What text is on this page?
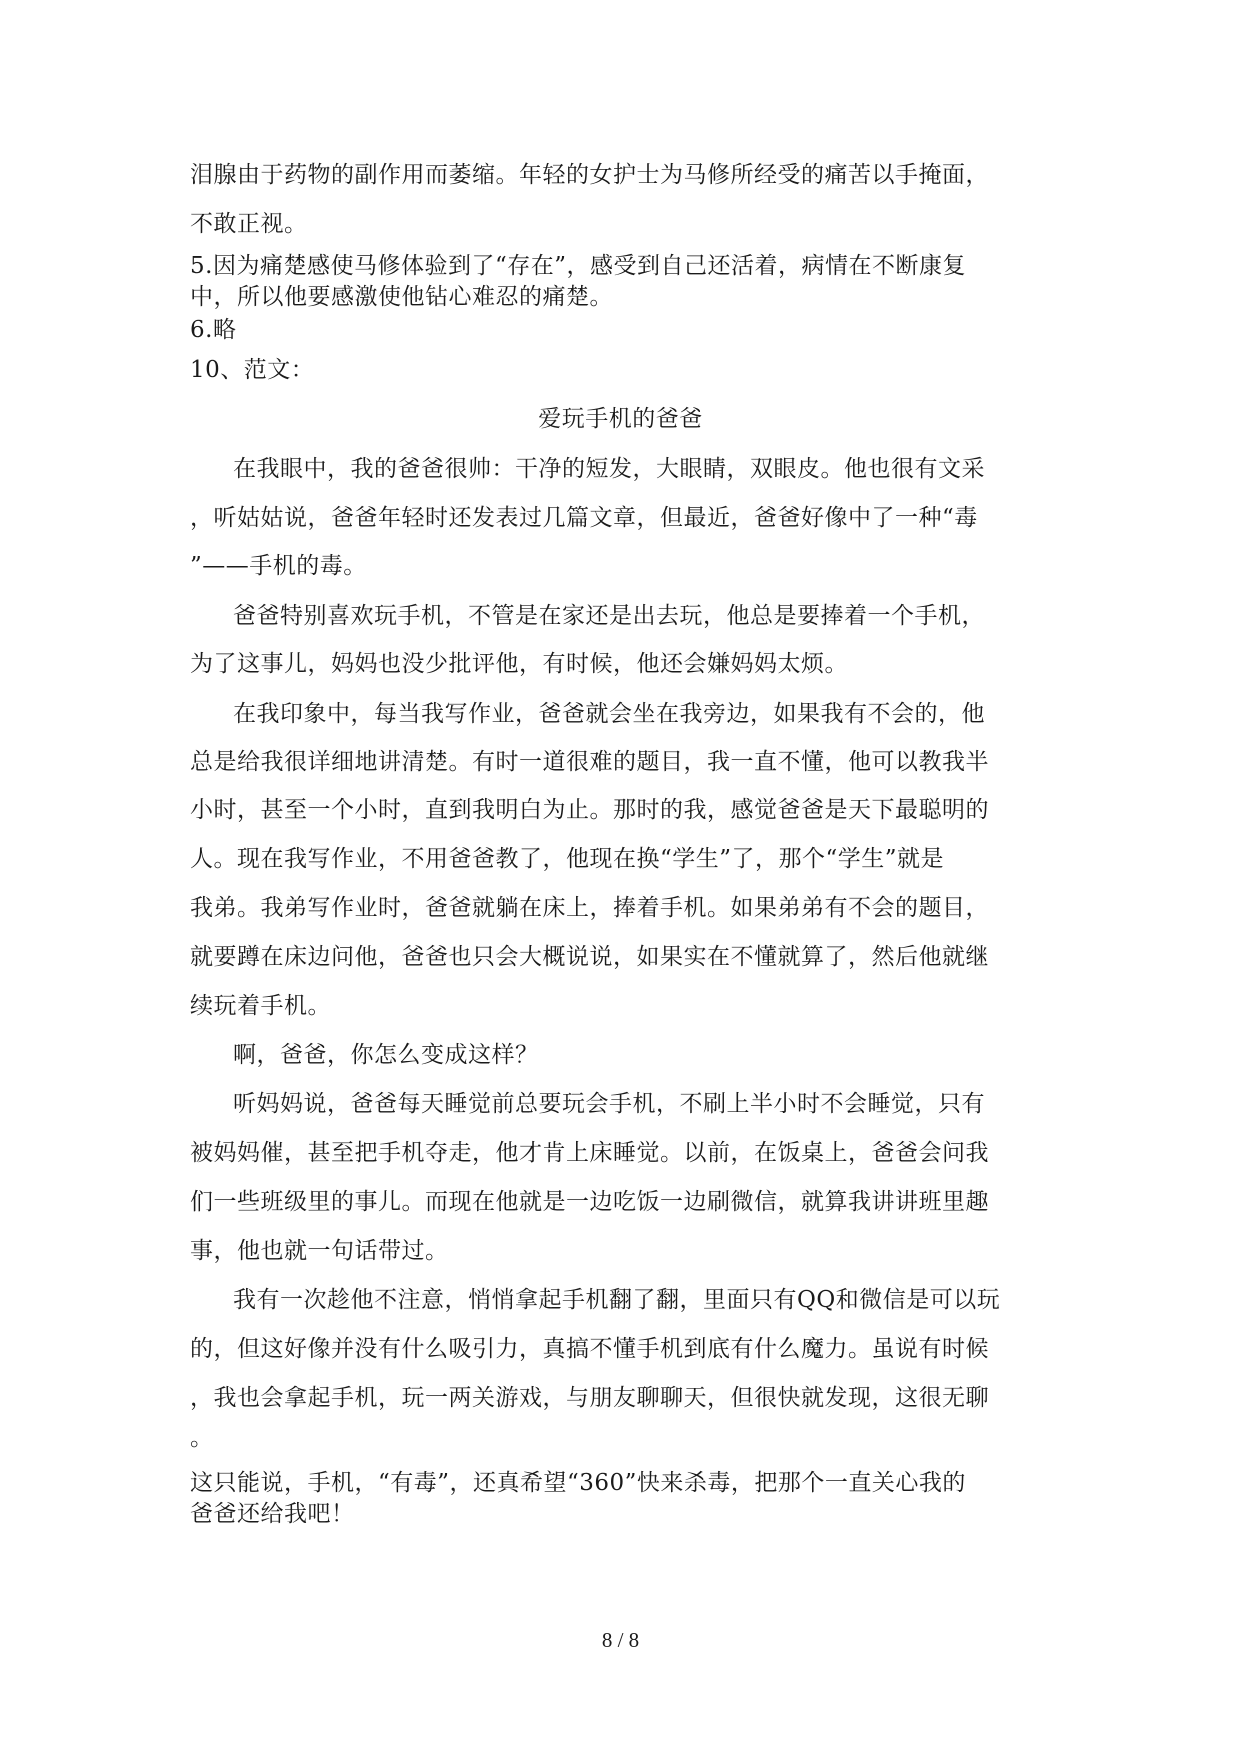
泪腺由于药物的副作用而萎缩。年轻的女护士为马修所经受的痛苦以手掩面，
不敢正视。
5.因为痛楚感使马修体验到了“存在”，感受到自己还活着，病情在不断康复
中，所以他要感激使他钻心难忍的痛楚。
6.略
10、范文：
爱玩手机的爸爸
在我眼中，我的爸爸很帅：干净的短发，大眼睛，双眼皮。他也很有文采
，听姑姑说，爸爸年轻时还发表过几篇文章，但最近，爸爸好像中了一种“毒
”——手机的毒。
爸爸特别喜欢玩手机，不管是在家还是出去玩，他总是要捧着一个手机，
为了这事儿，妈妈也没少批评他，有时候，他还会嫌妈妈太烦。
在我印象中，每当我写作业，爸爸就会坐在我旁边，如果我有不会的，他
总是给我很详细地讲清楚。有时一道很难的题目，我一直不懂，他可以教我半
小时，甚至一个小时，直到我明白为止。那时的我，感觉爸爸是天下最聪明的
人。现在我写作业，不用爸爸教了，他现在换“学生”了，那个“学生”就是
我弟。我弟写作业时，爸爸就躺在床上，捧着手机。如果弟弟有不会的题目，
就要蹲在床边问他，爸爸也只会大概说说，如果实在不懂就算了，然后他就继
续玩着手机。
啊，爸爸，你怎么变成这样？
听妈妈说，爸爸每天睡觉前总要玩会手机，不刷上半小时不会睡觉，只有
被妈妈催，甚至把手机夺走，他才肯上床睡觉。以前，在饭桌上，爸爸会问我
们一些班级里的事儿。而现在他就是一边吃饭一边刷微信，就算我讲讲班里趣
事，他也就一句话带过。
我有一次趁他不注意，悄悄拿起手机翻了翻，里面只有QQ和微信是可以玩
的，但这好像并没有什么吸引力，真搞不懂手机到底有什么魔力。虽说有时候
，我也会拿起手机，玩一两关游戏，与朋友聊聊天，但很快就发现，这很无聊
。
这只能说，手机，“有毒”，还真希望“360”快来杀毒，把那个一直关心我的
爸爸还给我吧！
8 / 8
